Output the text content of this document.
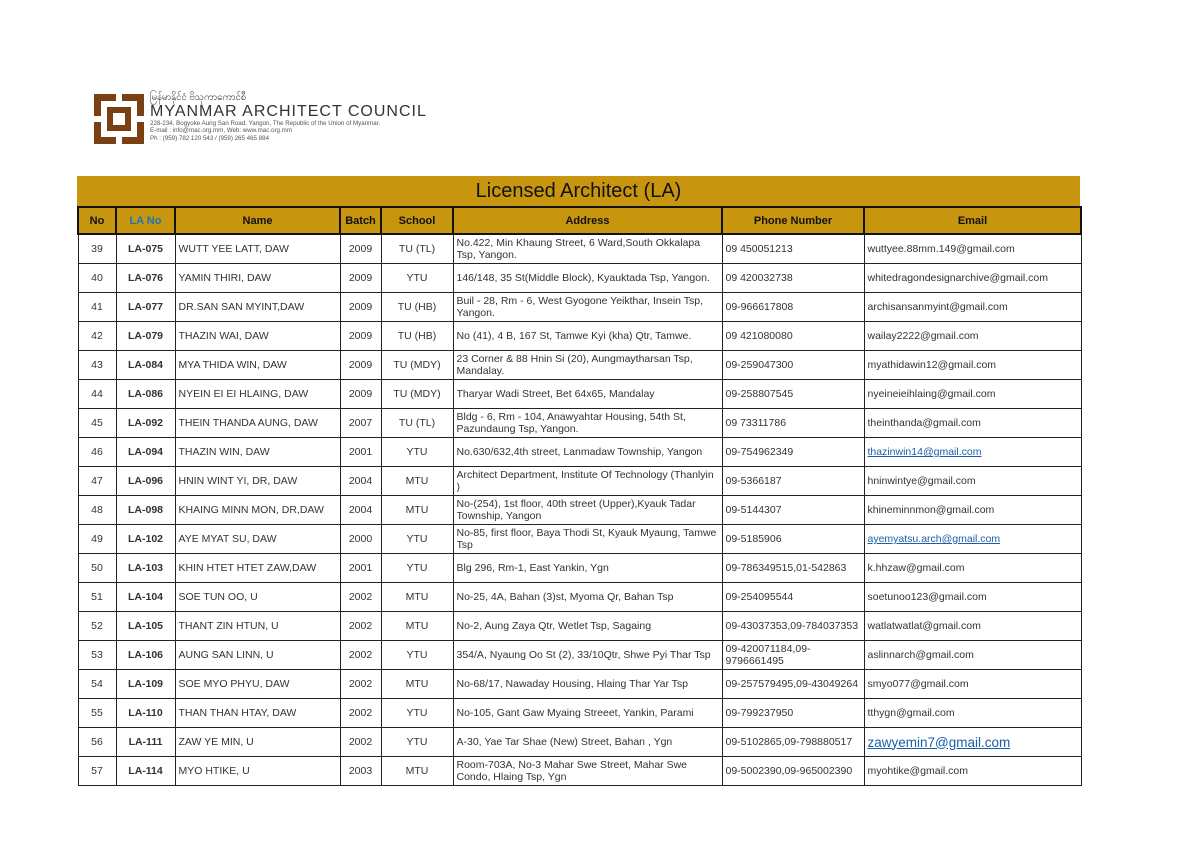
မြန်မာနိုင်ငံ ဗိသုကာကောင်စီ
MYANMAR ARCHITECT COUNCIL
228-234, Bogyoke Aung San Road, Yangon, The Republic of the Union of Myanmar.
E-mail : info@mac.org.mm, Web: www.mac.org.mm
Ph : (959) 782 120 543 / (959) 265 465 884
Licensed Architect (LA)
No	LA No	Name	Batch	School	Address	Phone Number	Email
39	LA-075	WUTT YEE LATT, DAW	2009	TU (TL)	No.422, Min Khaung Street, 6 Ward,South Okkalapa Tsp, Yangon.	09 450051213	wuttyee.88mm.149@gmail.com
40	LA-076	YAMIN THIRI, DAW	2009	YTU	146/148, 35 St(Middle Block), Kyauktada Tsp, Yangon.	09 420032738	whitedragondesignarchive@gmail.com
41	LA-077	DR.SAN SAN MYINT,DAW	2009	TU (HB)	Buil - 28, Rm - 6, West Gyogone Yeikthar, Insein Tsp, Yangon.	09-966617808	archisansanmyint@gmail.com
42	LA-079	THAZIN WAI, DAW	2009	TU (HB)	No (41), 4 B, 167 St, Tamwe Kyi (kha) Qtr, Tamwe.	09 421080080	wailay2222@gmail.com
43	LA-084	MYA THIDA WIN, DAW	2009	TU (MDY)	23 Corner & 88 Hnin Si (20), Aungmaytharsan Tsp, Mandalay.	09-259047300	myathidawin12@gmail.com
44	LA-086	NYEIN EI EI HLAING, DAW	2009	TU (MDY)	Tharyar Wadi Street, Bet 64x65, Mandalay	09-258807545	nyeineieihlaing@gmail.com
45	LA-092	THEIN THANDA AUNG, DAW	2007	TU (TL)	Bldg - 6, Rm - 104, Anawyahtar Housing, 54th St, Pazundaung Tsp, Yangon.	09 73311786	theinthanda@gmail.com
46	LA-094	THAZIN WIN, DAW	2001	YTU	No.630/632,4th street, Lanmadaw Township, Yangon	09-754962349	thazinwin14@gmail.com
47	LA-096	HNIN WINT YI, DR, DAW	2004	MTU	Architect Department, Institute Of Technology (Thanlyin )	09-5366187	hninwintye@gmail.com
48	LA-098	KHAING MINN MON, DR,DAW	2004	MTU	No-(254), 1st floor, 40th street (Upper),Kyauk Tadar Township, Yangon	09-5144307	khineminnmon@gmail.com
49	LA-102	AYE MYAT SU, DAW	2000	YTU	No-85, first floor, Baya Thodi St, Kyauk Myaung, Tamwe Tsp	09-5185906	ayemyatsu.arch@gmail.com
50	LA-103	KHIN HTET HTET ZAW,DAW	2001	YTU	Blg 296, Rm-1, East Yankin, Ygn	09-786349515,01-542863	k.hhzaw@gmail.com
51	LA-104	SOE TUN OO, U	2002	MTU	No-25, 4A, Bahan (3)st, Myoma Qr, Bahan Tsp	09-254095544	soetunoo123@gmail.com
52	LA-105	THANT ZIN HTUN, U	2002	MTU	No-2, Aung Zaya Qtr, Wetlet Tsp, Sagaing	09-43037353,09-784037353	watlatwatlat@gmail.com
53	LA-106	AUNG SAN LINN, U	2002	YTU	354/A, Nyaung Oo St (2), 33/10Qtr, Shwe Pyi Thar Tsp	09-420071184,09-9796661495	aslinnarch@gmail.com
54	LA-109	SOE MYO PHYU, DAW	2002	MTU	No-68/17, Nawaday Housing, Hlaing Thar Yar Tsp	09-257579495,09-43049264	smyo077@gmail.com
55	LA-110	THAN THAN HTAY, DAW	2002	YTU	No-105, Gant Gaw Myaing Streeet, Yankin, Parami	09-799237950	tthygn@gmail.com
56	LA-111	ZAW YE MIN, U	2002	YTU	A-30, Yae Tar Shae (New) Street, Bahan , Ygn	09-5102865,09-798880517	zawyemin7@gmail.com
57	LA-114	MYO HTIKE, U	2003	MTU	Room-703A, No-3 Mahar Swe Street, Mahar Swe Condo, Hlaing Tsp, Ygn	09-5002390,09-965002390	myohtike@gmail.com
